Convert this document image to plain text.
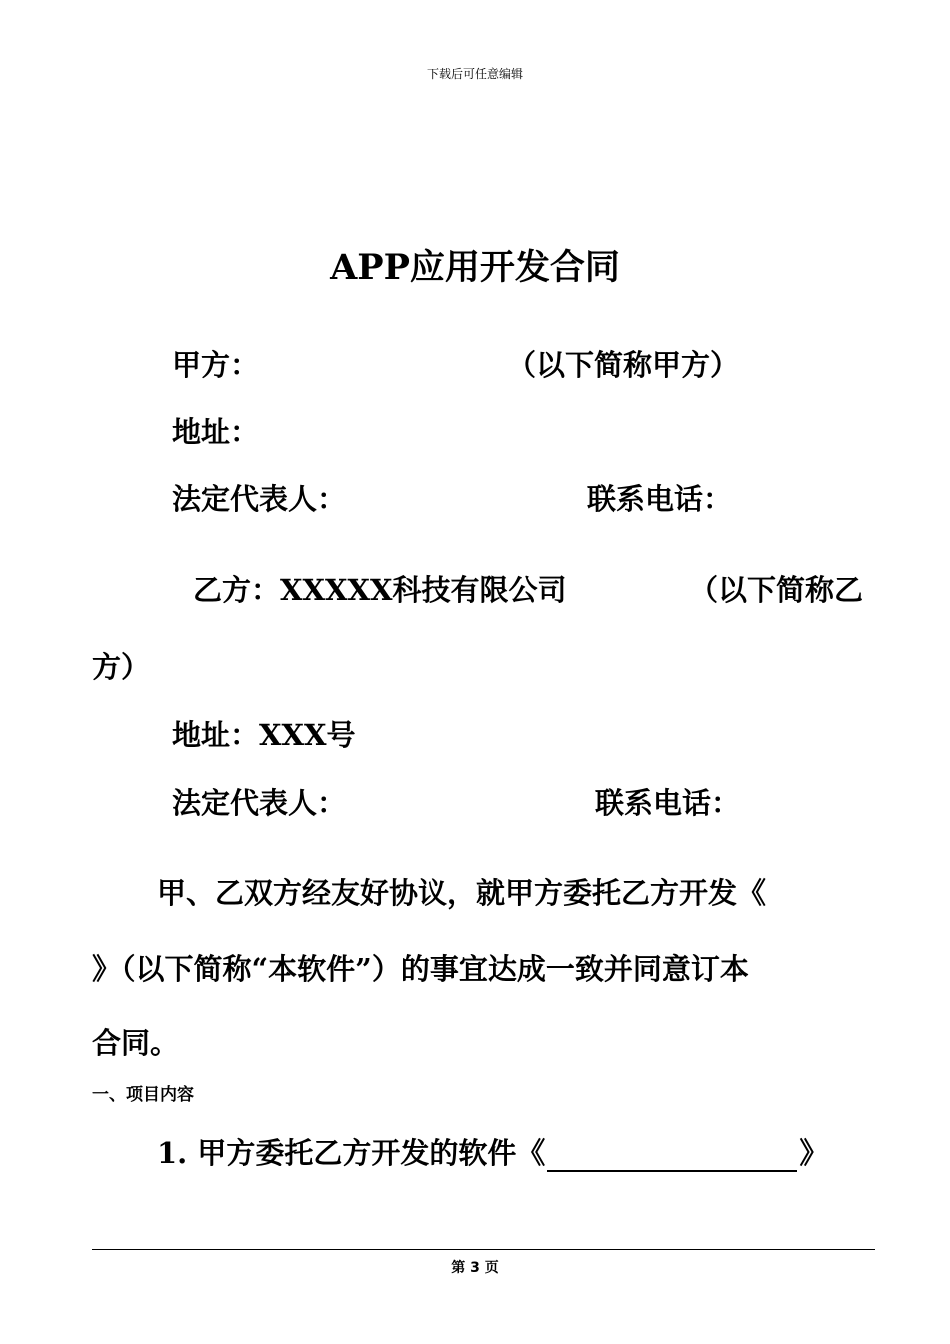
下载后可任意编辑
APP应用开发合同
甲方：	（以下简称甲方）
地址：
法定代表人：	联系电话：
乙方：XXXXX科技有限公司	（以下简称乙
方）
地址：XXX号
法定代表人：	联系电话：
甲、乙双方经友好协议，就甲方委托乙方开发《
》（以下简称“本软件”）的事宜达成一致并同意订本
合同。
一、项目内容
1. 甲方委托乙方开发的软件《	》
第 3 页
